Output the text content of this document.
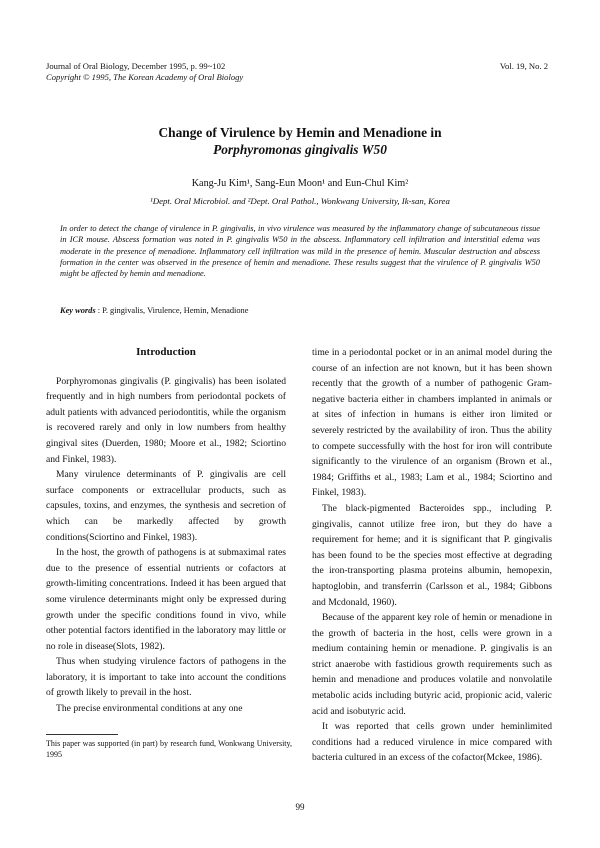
Journal of Oral Biology, December 1995, p. 99~102
Copyright © 1995, The Korean Academy of Oral Biology
Vol. 19, No. 2
Change of Virulence by Hemin and Menadione in
Porphyromonas gingivalis W50
Kang-Ju Kim¹, Sang-Eun Moon¹ and Eun-Chul Kim²
¹Dept. Oral Microbiol. and ²Dept. Oral Pathol., Wonkwang University, Ik-san, Korea
In order to detect the change of virulence in P. gingivalis, in vivo virulence was measured by the inflammatory change of subcutaneous tissue in ICR mouse. Abscess formation was noted in P. gingivalis W50 in the abscess. Inflammatory cell infiltration and interstitial edema was moderate in the presence of menadione. Inflammatory cell infiltration was mild in the presence of hemin. Muscular destruction and abscess formation in the center was observed in the presence of hemin and menadione. These results suggest that the virulence of P. gingivalis W50 might be affected by hemin and menadione.
Key words : P. gingivalis, Virulence, Hemin, Menadione
Introduction

Porphyromonas gingivalis (P. gingivalis) has been isolated frequently and in high numbers from periodontal pockets of adult patients with advanced periodontitis, while the organism is recovered rarely and only in low numbers from healthy gingival sites (Duerden, 1980; Moore et al., 1982; Sciortino and Finkel, 1983).

Many virulence determinants of P. gingivalis are cell surface components or extracellular products, such as capsules, toxins, and enzymes, the synthesis and secretion of which can be markedly affected by growth conditions(Sciortino and Finkel, 1983).

In the host, the growth of pathogens is at submaximal rates due to the presence of essential nutrients or cofactors at growth-limiting concentrations. Indeed it has been argued that some virulence determinants might only be expressed during growth under the specific conditions found in vivo, while other potential factors identified in the laboratory may little or no role in disease(Slots, 1982).

Thus when studying virulence factors of pathogens in the laboratory, it is important to take into account the conditions of growth likely to prevail in the host.

The precise environmental conditions at any one

time in a periodontal pocket or in an animal model during the course of an infection are not known, but it has been shown recently that the growth of a number of pathogenic Gram-negative bacteria either in chambers implanted in animals or at sites of infection in humans is either iron limited or severely restricted by the availability of iron. Thus the ability to compete successfully with the host for iron will contribute significantly to the virulence of an organism (Brown et al., 1984; Griffiths et al., 1983; Lam et al., 1984; Sciortino and Finkel, 1983).

The black-pigmented Bacteroides spp., including P. gingivalis, cannot utilize free iron, but they do have a requirement for heme; and it is significant that P. gingivalis has been found to be the species most effective at degrading the iron-transporting plasma proteins albumin, hemopexin, haptoglobin, and transferrin (Carlsson et al., 1984; Gibbons and Mcdonald, 1960).

Because of the apparent key role of hemin or menadione in the growth of bacteria in the host, cells were grown in a medium containing hemin or menadione. P. gingivalis is an strict anaerobe with fastidious growth requirements such as hemin and menadione and produces volatile and nonvolatile metabolic acids including butyric acid, propionic acid, valeric acid and isobutyric acid.

It was reported that cells grown under heminlimited conditions had a reduced virulence in mice compared with bacteria cultured in an excess of the cofactor(Mckee, 1986).

This paper was supported (in part) by research fund, Wonkwang University, 1995
99
